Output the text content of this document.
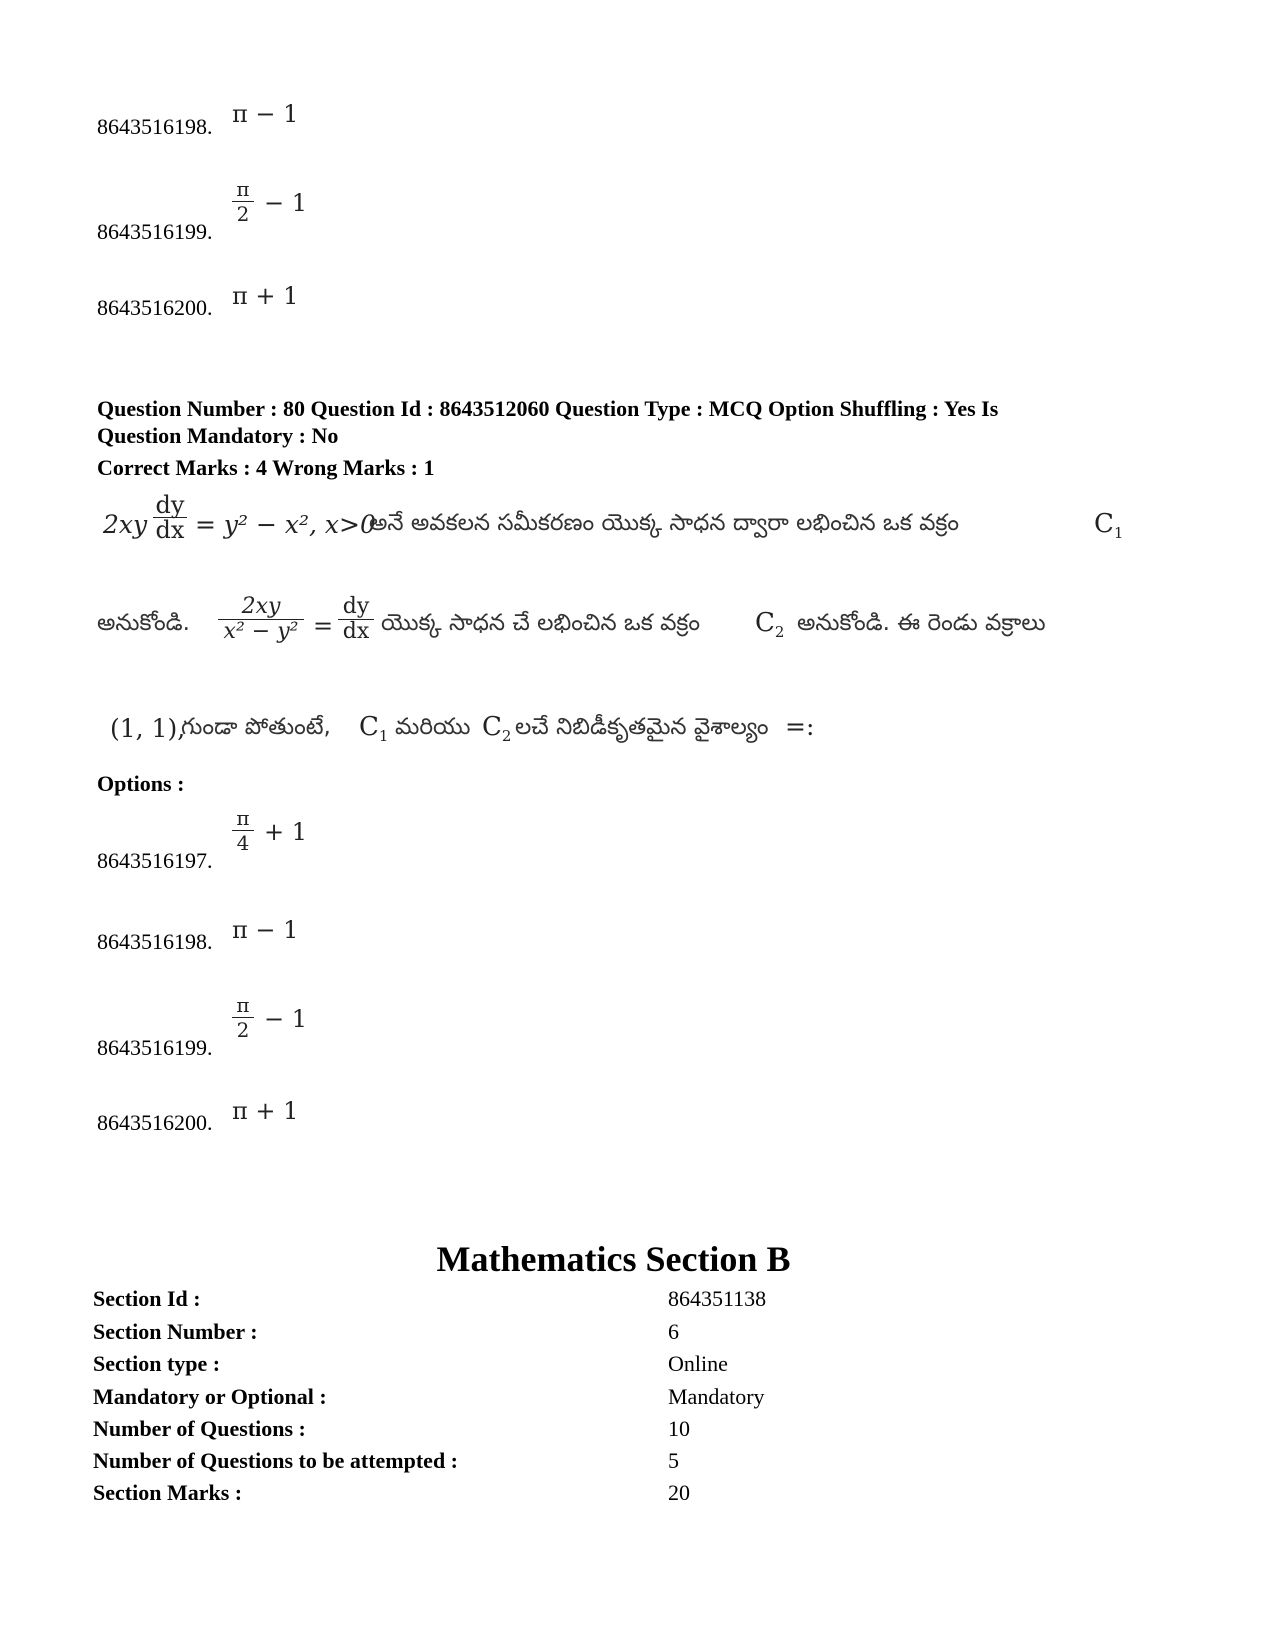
8643516198. π − 1
8643516199.
π
2 − 1
8643516200. π + 1
Question Number : 80 Question Id : 8643512060 Question Type : MCQ Option Shuffling : Yes Is
Question Mandatory : No
Correct Marks : 4 Wrong Marks : 1
2xy
dy
dx = y² − x², x>0
అనే అవకలన సమీకరణం యొక్క సాధన ద్వారా లభించిన ఒక వక్రం	$C_1$
అనుకోండి.
2xy
x² − y² =
dy
dx యొక్క సాధన చే లభించిన ఒక వక్రం $C_2$ అనుకోండి. ఈ రెండు వక్రాలు
(1, 1),
గుండా పోతుంటే, $C_1$ మరియు $C_2$ లచే నిబిడీకృతమైన వైశాల్యం =:
Options :
8643516197.
π
4 + 1
8643516198. π − 1
8643516199.
π
2 − 1
8643516200. π + 1
Mathematics Section B
Section Id :	864351138
Section Number :	6
Section type :	Online
Mandatory or Optional :	Mandatory
Number of Questions :	10
Number of Questions to be attempted :	5
Section Marks :	20
